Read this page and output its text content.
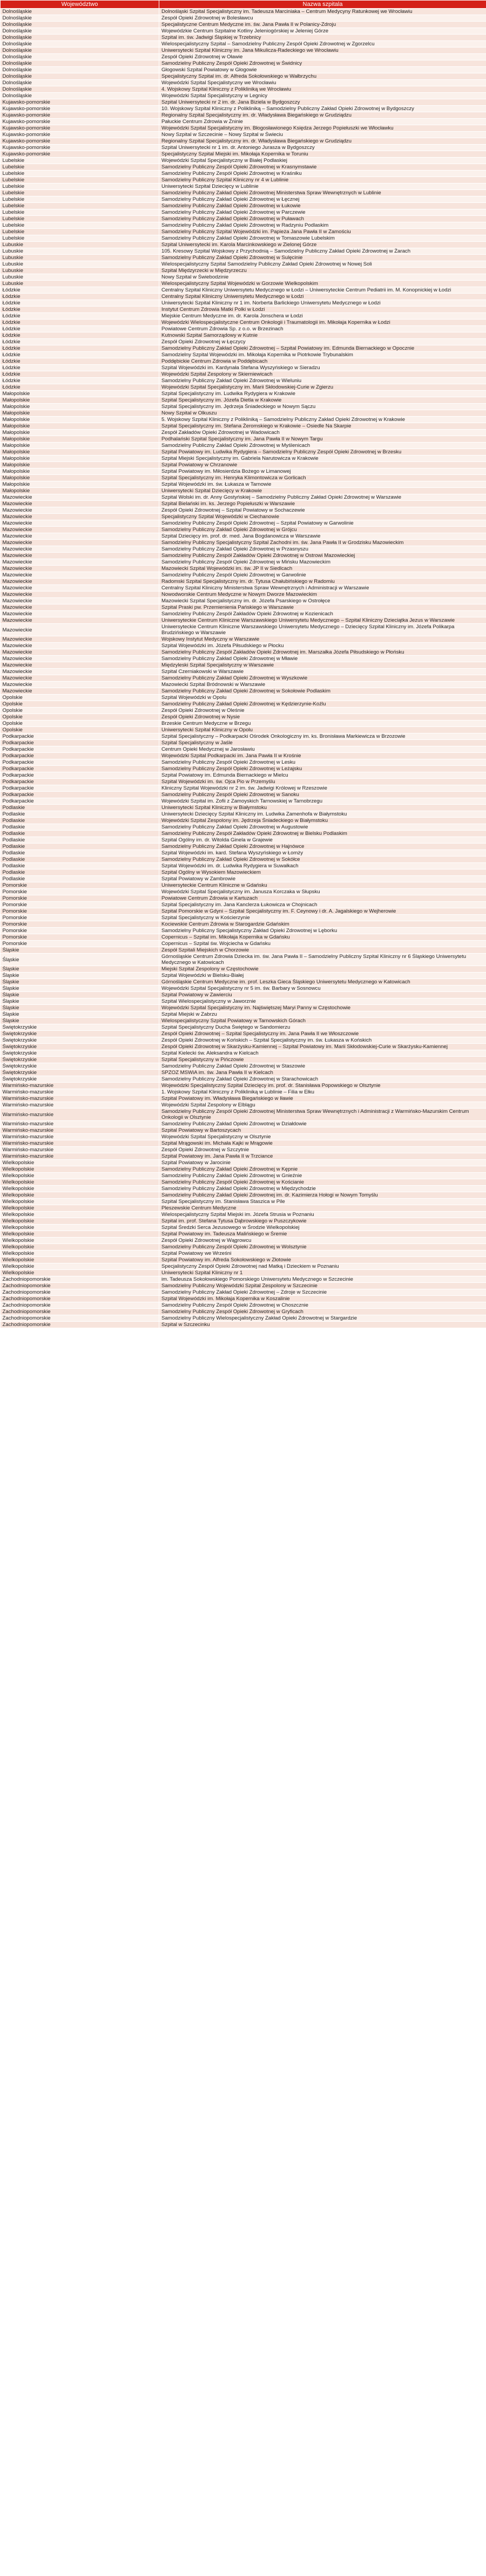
Województwo	Nazwa szpitala
Dolnośląskie	Dolnośląski Szpital Specjalistyczny im. Tadeusza Marciniaka – Centrum Medycyny Ratunkowej we Wrocławiu
Dolnośląskie	Zespół Opieki Zdrowotnej w Bolesławcu
Dolnośląskie	Specjalistyczne Centrum Medyczne im. św. Jana Pawła II w Polanicy-Zdroju
Dolnośląskie	Wojewódzkie Centrum Szpitalne Kotliny Jeleniogórskiej w Jeleniej Górze
Dolnośląskie	Szpital im. św. Jadwigi Śląskiej w Trzebnicy
Dolnośląskie	Wielospecjalistyczny Szpital – Samodzielny Publiczny Zespół Opieki Zdrowotnej w Zgorzelcu
Dolnośląskie	Uniwersytecki Szpital Kliniczny im. Jana Mikulicza-Radeckiego we Wrocławiu
Dolnośląskie	Zespół Opieki Zdrowotnej w Oławie
Dolnośląskie	Samodzielny Publiczny Zespół Opieki Zdrowotnej w Świdnicy
Dolnośląskie	Głogowski Szpital Powiatowy w Głogowie
Dolnośląskie	Specjalistyczny Szpital im. dr. Alfreda Sokołowskiego w Wałbrzychu
Dolnośląskie	Wojewódzki Szpital Specjalistyczny we Wrocławiu
Dolnośląskie	4. Wojskowy Szpital Kliniczny z Polikliniką we Wrocławiu
Dolnośląskie	Wojewódzki Szpital Specjalistyczny w Legnicy
Kujawsko-pomorskie	Szpital Uniwersytecki nr 2 im. dr. Jana Biziela w Bydgoszczy
Kujawsko-pomorskie	10. Wojskowy Szpital Kliniczny z Polikliniką – Samodzielny Publiczny Zakład Opieki Zdrowotnej w Bydgoszczy
Kujawsko-pomorskie	Regionalny Szpital Specjalistyczny im. dr. Władysława Biegańskiego w Grudziądzu
Kujawsko-pomorskie	Pałuckie Centrum Zdrowia w Żninie
Kujawsko-pomorskie	Wojewódzki Szpital Specjalistyczny im. Błogosławionego Księdza Jerzego Popiełuszki we Włocławku
Kujawsko-pomorskie	Nowy Szpital w Szczecinie – Nowy Szpital w Świeciu
Kujawsko-pomorskie	Regionalny Szpital Specjalistyczny im. dr. Władysława Biegańskiego w Grudziądzu
Kujawsko-pomorskie	Szpital Uniwersytecki nr 1 im. dr. Antoniego Jurasza w Bydgoszczy
Kujawsko-pomorskie	Specjalistyczny Szpital Miejski im. Mikołaja Kopernika w Toruniu
Lubelskie	Wojewódzki Szpital Specjalistyczny w Białej Podlaskiej
Lubelskie	Samodzielny Publiczny Zespół Opieki Zdrowotnej w Krasnymstawie
Lubelskie	Samodzielny Publiczny Zespół Opieki Zdrowotnej w Kraśniku
Lubelskie	Samodzielny Publiczny Szpital Kliniczny nr 4 w Lublinie
Lubelskie	Uniwersytecki Szpital Dziecięcy w Lublinie
Lubelskie	Samodzielny Publiczny Zakład Opieki Zdrowotnej Ministerstwa Spraw Wewnętrznych w Lublinie
Lubelskie	Samodzielny Publiczny Zakład Opieki Zdrowotnej w Łęcznej
Lubelskie	Samodzielny Publiczny Zakład Opieki Zdrowotnej w Łukowie
Lubelskie	Samodzielny Publiczny Zakład Opieki Zdrowotnej w Parczewie
Lubelskie	Samodzielny Publiczny Zakład Opieki Zdrowotnej w Puławach
Lubelskie	Samodzielny Publiczny Zakład Opieki Zdrowotnej w Radzyniu Podlaskim
Lubelskie	Samodzielny Publiczny Szpital Wojewódzki im. Papieża Jana Pawła II w Zamościu
Lubelskie	Samodzielny Publiczny Zakład Opieki Zdrowotnej w Tomaszowie Lubelskim
Lubuskie	Szpital Uniwersytecki im. Karola Marcinkowskiego w Zielonej Górze
Lubuskie	105. Kresowy Szpital Wojskowy z Przychodnią – Samodzielny Publiczny Zakład Opieki Zdrowotnej w Żarach
Lubuskie	Samodzielny Publiczny Zakład Opieki Zdrowotnej w Sulęcinie
Lubuskie	Wielospecjalistyczny Szpital Samodzielny Publiczny Zakład Opieki Zdrowotnej w Nowej Soli
Lubuskie	Szpital Międzyrzecki w Międzyrzeczu
Lubuskie	Nowy Szpital w Świebodzinie
Lubuskie	Wielospecjalistyczny Szpital Wojewódzki w Gorzowie Wielkopolskim
Łódzkie	Centralny Szpital Kliniczny Uniwersytetu Medycznego w Łodzi – Uniwersyteckie Centrum Pediatrii im. M. Konopnickiej w Łodzi
Łódzkie	Centralny Szpital Kliniczny Uniwersytetu Medycznego w Łodzi
Łódzkie	Uniwersytecki Szpital Kliniczny nr 1 im. Norberta Barlickiego Uniwersytetu Medycznego w Łodzi
Łódzkie	Instytut Centrum Zdrowia Matki Polki w Łodzi
Łódzkie	Miejskie Centrum Medyczne im. dr. Karola Jonschera w Łodzi
Łódzkie	Wojewódzki Wielospecjalistyczne Centrum Onkologii i Traumatologii im. Mikołaja Kopernika w Łodzi
Łódzkie	Powiatowe Centrum Zdrowia Sp. z o.o. w Brzezinach
Łódzkie	Kutnowski Szpital Samorządowy w Kutnie
Łódzkie	Zespół Opieki Zdrowotnej w Łęczycy
Łódzkie	Samodzielny Publiczny Zakład Opieki Zdrowotnej – Szpital Powiatowy im. Edmunda Biernackiego w Opocznie
Łódzkie	Samodzielny Szpital Wojewódzki im. Mikołaja Kopernika w Piotrkowie Trybunalskim
Łódzkie	Poddębickie Centrum Zdrowia w Poddębicach
Łódzkie	Szpital Wojewódzki im. Kardynała Stefana Wyszyńskiego w Sieradzu
Łódzkie	Wojewódzki Szpital Zespolony w Skierniewicach
Łódzkie	Samodzielny Publiczny Zakład Opieki Zdrowotnej w Wieluniu
Łódzkie	Wojewódzki Szpital Specjalistyczny im. Marii Skłodowskiej-Curie w Zgierzu
Małopolskie	Szpital Specjalistyczny im. Ludwika Rydygiera w Krakowie
Małopolskie	Szpital Specjalistyczny im. Józefa Dietla w Krakowie
Małopolskie	Szpital Specjalistyczny im. Jędrzeja Śniadeckiego w Nowym Sączu
Małopolskie	Nowy Szpital w Olkuszu
Małopolskie	5. Wojskowy Szpital Kliniczny z Polikliniką – Samodzielny Publiczny Zakład Opieki Zdrowotnej w Krakowie
Małopolskie	Szpital Specjalistyczny im. Stefana Żeromskiego w Krakowie – Osiedle Na Skarpie
Małopolskie	Zespół Zakładów Opieki Zdrowotnej w Wadowicach
Małopolskie	Podhalański Szpital Specjalistyczny im. Jana Pawła II w Nowym Targu
Małopolskie	Samodzielny Publiczny Zakład Opieki Zdrowotnej w Myślenicach
Małopolskie	Szpital Powiatowy im. Ludwika Rydygiera – Samodzielny Publiczny Zespół Opieki Zdrowotnej w Brzesku
Małopolskie	Szpital Miejski Specjalistyczny im. Gabriela Narutowicza w Krakowie
Małopolskie	Szpital Powiatowy w Chrzanowie
Małopolskie	Szpital Powiatowy im. Miłosierdzia Bożego w Limanowej
Małopolskie	Szpital Specjalistyczny im. Henryka Klimontowicza w Gorlicach
Małopolskie	Szpital Wojewódzki im. św. Łukasza w Tarnowie
Małopolskie	Uniwersytecki Szpital Dziecięcy w Krakowie
Mazowieckie	Szpital Wolski im. dr. Anny Gostyńskiej – Samodzielny Publiczny Zakład Opieki Zdrowotnej w Warszawie
Mazowieckie	Szpital Bielański im. ks. Jerzego Popiełuszki w Warszawie
Mazowieckie	Zespół Opieki Zdrowotnej – Szpital Powiatowy w Sochaczewie
Mazowieckie	Specjalistyczny Szpital Wojewódzki w Ciechanowie
Mazowieckie	Samodzielny Publiczny Zespół Opieki Zdrowotnej – Szpital Powiatowy w Garwolinie
Mazowieckie	Samodzielny Publiczny Zakład Opieki Zdrowotnej w Grójcu
Mazowieckie	Szpital Dziecięcy im. prof. dr. med. Jana Bogdanowicza w Warszawie
Mazowieckie	Samodzielny Publiczny Specjalistyczny Szpital Zachodni im. św. Jana Pawła II w Grodzisku Mazowieckim
Mazowieckie	Samodzielny Publiczny Zakład Opieki Zdrowotnej w Przasnyszu
Mazowieckie	Samodzielny Publiczny Zespół Zakładów Opieki Zdrowotnej w Ostrowi Mazowieckiej
Mazowieckie	Samodzielny Publiczny Zespół Opieki Zdrowotnej w Mińsku Mazowieckim
Mazowieckie	Mazowiecki Szpital Wojewódzki im. św. JP II w Siedlcach
Mazowieckie	Samodzielny Publiczny Zespół Opieki Zdrowotnej w Garwolinie
Mazowieckie	Radomski Szpital Specjalistyczny im. dr. Tytusa Chałubińskiego w Radomiu
Mazowieckie	Centralny Szpital Kliniczny Ministerstwa Spraw Wewnętrznych i Administracji w Warszawie
Mazowieckie	Nowodworskie Centrum Medyczne w Nowym Dworze Mazowieckim
Mazowieckie	Mazowiecki Szpital Specjalistyczny im. dr. Józefa Psarskiego w Ostrołęce
Mazowieckie	Szpital Praski pw. Przemienienia Pańskiego w Warszawie
Mazowieckie	Samodzielny Publiczny Zespół Zakładów Opieki Zdrowotnej w Kozienicach
Mazowieckie	Uniwersyteckie Centrum Kliniczne Warszawskiego Uniwersytetu Medycznego – Szpital Kliniczny Dzieciątka Jezus w Warszawie
Mazowieckie	Uniwersyteckie Centrum Kliniczne Warszawskiego Uniwersytetu Medycznego – Dziecięcy Szpital Kliniczny im. Józefa Polikarpa Brudzińskiego w Warszawie
Mazowieckie	Wojskowy Instytut Medyczny w Warszawie
Mazowieckie	Szpital Wojewódzki im. Józefa Piłsudskiego w Płocku
Mazowieckie	Samodzielny Publiczny Zespół Zakładów Opieki Zdrowotnej im. Marszałka Józefa Piłsudskiego w Płońsku
Mazowieckie	Samodzielny Publiczny Zakład Opieki Zdrowotnej w Mławie
Mazowieckie	Międzyleski Szpital Specjalistyczny w Warszawie
Mazowieckie	Szpital Czerniakowski w Warszawie
Mazowieckie	Samodzielny Publiczny Zakład Opieki Zdrowotnej w Wyszkowie
Mazowieckie	Mazowiecki Szpital Bródnowski w Warszawie
Mazowieckie	Samodzielny Publiczny Zakład Opieki Zdrowotnej w Sokołowie Podlaskim
Opolskie	Szpital Wojewódzki w Opolu
Opolskie	Samodzielny Publiczny Zakład Opieki Zdrowotnej w Kędzierzynie-Koźlu
Opolskie	Zespół Opieki Zdrowotnej w Oleśnie
Opolskie	Zespół Opieki Zdrowotnej w Nysie
Opolskie	Brzeskie Centrum Medyczne w Brzegu
Opolskie	Uniwersytecki Szpital Kliniczny w Opolu
Podkarpackie	Szpital Specjalistyczny – Podkarpacki Ośrodek Onkologiczny im. ks. Bronisława Markiewicza w Brzozowie
Podkarpackie	Szpital Specjalistyczny w Jaśle
Podkarpackie	Centrum Opieki Medycznej w Jarosławiu
Podkarpackie	Wojewódzki Szpital Podkarpacki im. Jana Pawła II w Krośnie
Podkarpackie	Samodzielny Publiczny Zespół Opieki Zdrowotnej w Lesku
Podkarpackie	Samodzielny Publiczny Zespół Opieki Zdrowotnej w Leżajsku
Podkarpackie	Szpital Powiatowy im. Edmunda Biernackiego w Mielcu
Podkarpackie	Szpital Wojewódzki im. św. Ojca Pio w Przemyślu
Podkarpackie	Kliniczny Szpital Wojewódzki nr 2 im. św. Jadwigi Królowej w Rzeszowie
Podkarpackie	Samodzielny Publiczny Zespół Opieki Zdrowotnej w Sanoku
Podkarpackie	Wojewódzki Szpital im. Zofii z Zamoyskich Tarnowskiej w Tarnobrzegu
Podlaskie	Uniwersytecki Szpital Kliniczny w Białymstoku
Podlaskie	Uniwersytecki Dziecięcy Szpital Kliniczny im. Ludwika Zamenhofa w Białymstoku
Podlaskie	Wojewódzki Szpital Zespolony im. Jędrzeja Śniadeckiego w Białymstoku
Podlaskie	Samodzielny Publiczny Zakład Opieki Zdrowotnej w Augustowie
Podlaskie	Samodzielny Publiczny Zespół Zakładów Opieki Zdrowotnej w Bielsku Podlaskim
Podlaskie	Szpital Ogólny im. dr. Witolda Ginela w Grajewie
Podlaskie	Samodzielny Publiczny Zakład Opieki Zdrowotnej w Hajnówce
Podlaskie	Szpital Wojewódzki im. kard. Stefana Wyszyńskiego w Łomży
Podlaskie	Samodzielny Publiczny Zakład Opieki Zdrowotnej w Sokółce
Podlaskie	Szpital Wojewódzki im. dr. Ludwika Rydygiera w Suwałkach
Podlaskie	Szpital Ogólny w Wysokiem Mazowieckiem
Podlaskie	Szpital Powiatowy w Zambrowie
Pomorskie	Uniwersyteckie Centrum Kliniczne w Gdańsku
Pomorskie	Wojewódzki Szpital Specjalistyczny im. Janusza Korczaka w Słupsku
Pomorskie	Powiatowe Centrum Zdrowia w Kartuzach
Pomorskie	Szpital Specjalistyczny im. Jana Kanclerza Łukowicza w Chojnicach
Pomorskie	Szpital Pomorskie w Gdyni – Szpital Specjalistyczny im. F. Ceynowy i dr. A. Jagalskiego w Wejherowie
Pomorskie	Szpital Specjalistyczny w Kościerzynie
Pomorskie	Kociewskie Centrum Zdrowia w Starogardzie Gdańskim
Pomorskie	Samodzielny Publiczny Specjalistyczny Zakład Opieki Zdrowotnej w Lęborku
Pomorskie	Copernicus – Szpital im. Mikołaja Kopernika w Gdańsku
Pomorskie	Copernicus – Szpital św. Wojciecha w Gdańsku
Śląskie	Zespół Szpitali Miejskich w Chorzowie
Śląskie	Górnośląskie Centrum Zdrowia Dziecka im. św. Jana Pawła II – Samodzielny Publiczny Szpital Kliniczny nr 6 Śląskiego Uniwersytetu Medycznego w Katowicach
Śląskie	Miejski Szpital Zespolony w Częstochowie
Śląskie	Szpital Wojewódzki w Bielsku-Białej
Śląskie	Górnośląskie Centrum Medyczne im. prof. Leszka Gieca Śląskiego Uniwersytetu Medycznego w Katowicach
Śląskie	Wojewódzki Szpital Specjalistyczny nr 5 im. św. Barbary w Sosnowcu
Śląskie	Szpital Powiatowy w Zawierciu
Śląskie	Szpital Wielospecjalistyczny w Jaworznie
Śląskie	Wojewódzki Szpital Specjalistyczny im. Najświętszej Maryi Panny w Częstochowie
Śląskie	Szpital Miejski w Zabrzu
Śląskie	Wielospecjalistyczny Szpital Powiatowy w Tarnowskich Górach
Świętokrzyskie	Szpital Specjalistyczny Ducha Świętego w Sandomierzu
Świętokrzyskie	Zespół Opieki Zdrowotnej – Szpital Specjalistyczny im. Jana Pawła II we Włoszczowie
Świętokrzyskie	Zespół Opieki Zdrowotnej w Końskich – Szpital Specjalistyczny im. św. Łukasza w Końskich
Świętokrzyskie	Zespół Opieki Zdrowotnej w Skarżysku-Kamiennej – Szpital Powiatowy im. Marii Skłodowskiej-Curie w Skarżysku-Kamiennej
Świętokrzyskie	Szpital Kielecki św. Aleksandra w Kielcach
Świętokrzyskie	Szpital Specjalistyczny w Pińczowie
Świętokrzyskie	Samodzielny Publiczny Zakład Opieki Zdrowotnej w Staszowie
Świętokrzyskie	SPZOZ MSWiA im. św. Jana Pawła II w Kielcach
Świętokrzyskie	Samodzielny Publiczny Zakład Opieki Zdrowotnej w Starachowicach
Warmińsko-mazurskie	Wojewódzki Specjalistyczny Szpital Dziecięcy im. prof. dr. Stanisława Popowskiego w Olsztynie
Warmińsko-mazurskie	1. Wojskowy Szpital Kliniczny z Polikliniką w Lublinie – Filia w Ełku
Warmińsko-mazurskie	Szpital Powiatowy im. Władysława Biegańskiego w Iławie
Warmińsko-mazurskie	Wojewódzki Szpital Zespolony w Elblągu
Warmińsko-mazurskie	Samodzielny Publiczny Zespół Opieki Zdrowotnej Ministerstwa Spraw Wewnętrznych i Administracji z Warmińsko-Mazurskim Centrum Onkologii w Olsztynie
Warmińsko-mazurskie	Samodzielny Publiczny Zakład Opieki Zdrowotnej w Działdowie
Warmińsko-mazurskie	Szpital Powiatowy w Bartoszycach
Warmińsko-mazurskie	Wojewódzki Szpital Specjalistyczny w Olsztynie
Warmińsko-mazurskie	Szpital Mrągowski im. Michała Kajki w Mrągowie
Warmińsko-mazurskie	Zespół Opieki Zdrowotnej w Szczytnie
Warmińsko-mazurskie	Szpital Powiatowy im. Jana Pawła II w Trzciance
Wielkopolskie	Szpital Powiatowy w Jarocinie
Wielkopolskie	Samodzielny Publiczny Zakład Opieki Zdrowotnej w Kępnie
Wielkopolskie	Samodzielny Publiczny Zakład Opieki Zdrowotnej w Gnieźnie
Wielkopolskie	Samodzielny Publiczny Zespół Opieki Zdrowotnej w Kościanie
Wielkopolskie	Samodzielny Publiczny Zakład Opieki Zdrowotnej w Międzychodzie
Wielkopolskie	Samodzielny Publiczny Zakład Opieki Zdrowotnej im. dr. Kazimierza Hołogi w Nowym Tomyślu
Wielkopolskie	Szpital Specjalistyczny im. Stanisława Staszica w Pile
Wielkopolskie	Pleszewskie Centrum Medyczne
Wielkopolskie	Wielospecjalistyczny Szpital Miejski im. Józefa Strusia w Poznaniu
Wielkopolskie	Szpital im. prof. Stefana Tytusa Dąbrowskiego w Puszczykowie
Wielkopolskie	Szpital Średzki Serca Jezusowego w Środzie Wielkopolskiej
Wielkopolskie	Szpital Powiatowy im. Tadeusza Malińskiego w Śremie
Wielkopolskie	Zespół Opieki Zdrowotnej w Wągrowcu
Wielkopolskie	Samodzielny Publiczny Zespół Opieki Zdrowotnej w Wolsztynie
Wielkopolskie	Szpital Powiatowy we Wrześni
Wielkopolskie	Szpital Powiatowy im. Alfreda Sokołowskiego w Złotowie
Wielkopolskie	Specjalistyczny Zespół Opieki Zdrowotnej nad Matką i Dzieckiem w Poznaniu
Wielkopolskie	Uniwersytecki Szpital Kliniczny nr 1
Zachodniopomorskie	im. Tadeusza Sokołowskiego Pomorskiego Uniwersytetu Medycznego w Szczecinie
Zachodniopomorskie	Samodzielny Publiczny Wojewódzki Szpital Zespolony w Szczecinie
Zachodniopomorskie	Samodzielny Publiczny Zakład Opieki Zdrowotnej – Zdroje w Szczecinie
Zachodniopomorskie	Szpital Wojewódzki im. Mikołaja Kopernika w Koszalinie
Zachodniopomorskie	Samodzielny Publiczny Zespół Opieki Zdrowotnej w Choszcznie
Zachodniopomorskie	Samodzielny Publiczny Zespół Opieki Zdrowotnej w Gryficach
Zachodniopomorskie	Samodzielny Publiczny Wielospecjalistyczny Zakład Opieki Zdrowotnej w Stargardzie
Zachodniopomorskie	Szpital w Szczecinku
